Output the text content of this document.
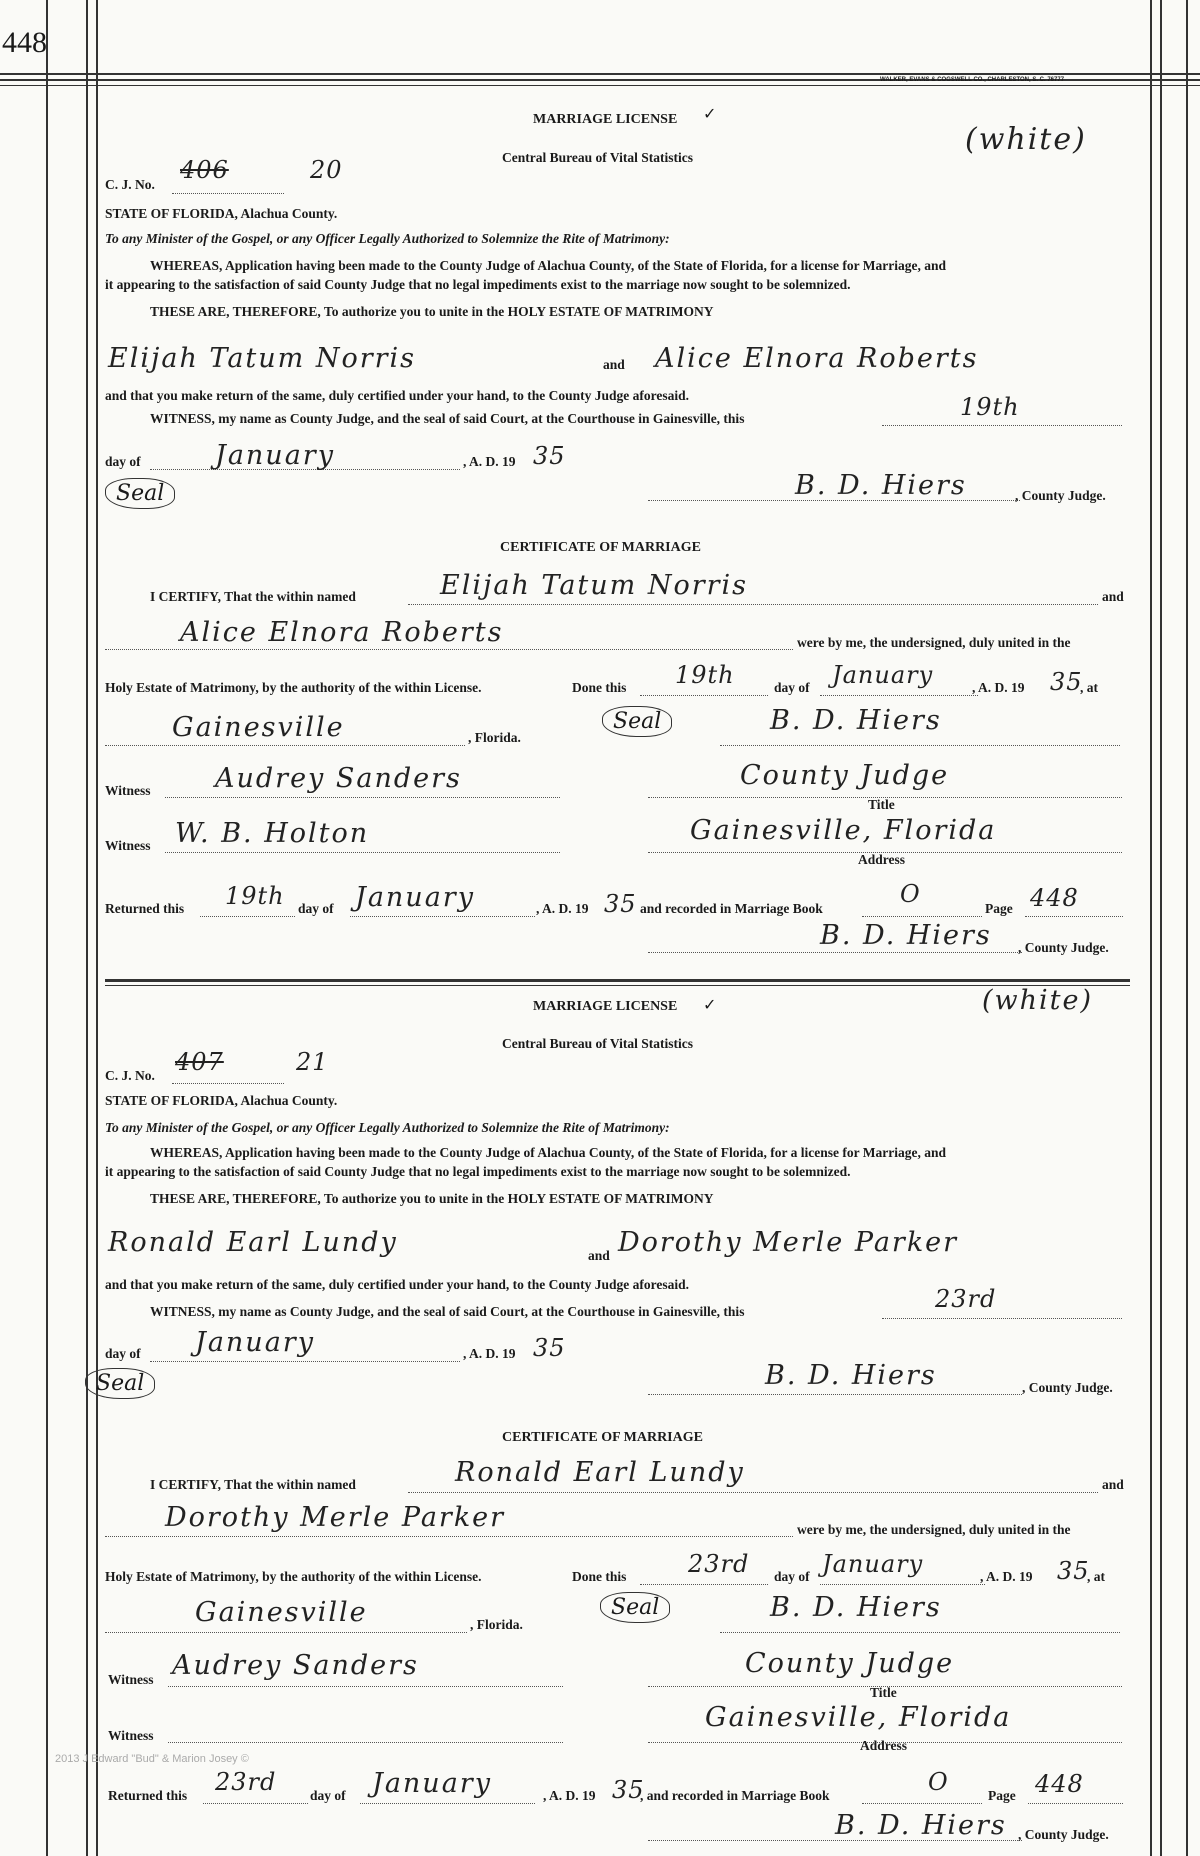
448
WALKER, EVANS & COGSWELL CO., CHARLESTON, S. C. 76777
MARRIAGE LICENSE ✓
Central Bureau of Vital Statistics
(white)
C. J. No.
406	20
STATE OF FLORIDA, Alachua County.
To any Minister of the Gospel, or any Officer Legally Authorized to Solemnize the Rite of Matrimony:
WHEREAS, Application having been made to the County Judge of Alachua County, of the State of Florida, for a license for Marriage, and
it appearing to the satisfaction of said County Judge that no legal impediments exist to the marriage now sought to be solemnized.
THESE ARE, THEREFORE, To authorize you to unite in the HOLY ESTATE OF MATRIMONY
Elijah Tatum Norris	and Alice Elnora Roberts
and that you make return of the same, duly certified under your hand, to the County Judge aforesaid.
WITNESS, my name as County Judge, and the seal of said Court, at the Courthouse in Gainesville, this	19th
day of	January	, A. D. 19 35
Seal	B. D. Hiers	, County Judge.
CERTIFICATE OF MARRIAGE
I CERTIFY, That the within named	Elijah Tatum Norris	and
Alice Elnora Roberts	were by me, the undersigned, duly united in the
Holy Estate of Matrimony, by the authority of the within License.	Done this 19th	day of January	, A. D. 19 35
, at
Gainesville	, Florida.
Seal	B. D. Hiers
Witness Audrey Sanders	County Judge
Title
Witness W. B. Holton	Gainesville, Florida
Address
Returned this 19th day of January	, A. D. 19 35 and recorded in Marriage Book
O
Page 448
B. D. Hiers , County Judge.
MARRIAGE LICENSE ✓
Central Bureau of Vital Statistics
(white)
C. J. No. 407	21
STATE OF FLORIDA, Alachua County.
To any Minister of the Gospel, or any Officer Legally Authorized to Solemnize the Rite of Matrimony:
WHEREAS, Application having been made to the County Judge of Alachua County, of the State of Florida, for a license for Marriage, and
it appearing to the satisfaction of said County Judge that no legal impediments exist to the marriage now sought to be solemnized.
THESE ARE, THEREFORE, To authorize you to unite in the HOLY ESTATE OF MATRIMONY
Ronald Earl Lundy	and Dorothy Merle Parker
and that you make return of the same, duly certified under your hand, to the County Judge aforesaid.
WITNESS, my name as County Judge, and the seal of said Court, at the Courthouse in Gainesville, this	23rd
day of January	, A. D. 19 35
Seal	B. D. Hiers	, County Judge.
CERTIFICATE OF MARRIAGE
I CERTIFY, That the within named	Ronald Earl Lundy	and
Dorothy Merle Parker	were by me, the undersigned, duly united in the
Holy Estate of Matrimony, by the authority of the within License.	Done this	23rd day of January	, A. D. 19 35
, at
Gainesville	, Florida.
Seal	B. D. Hiers
Witness Audrey Sanders	County Judge
Title
Witness
Gainesville, Florida
Address
2013 J Edward "Bud" & Marion Josey ©
Returned this 23rd day of January	, A. D. 19 35
, and recorded in Marriage Book	O	Page 448
B. D. Hiers , County Judge.
